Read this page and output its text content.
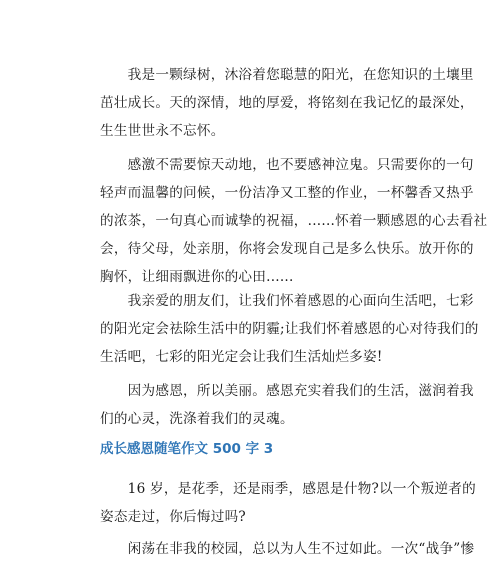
　　我是一颗绿树，沐浴着您聪慧的阳光，在您知识的土壤里
茁壮成长。天的深情，地的厚爱，将铭刻在我记忆的最深处，
生生世世永不忘怀。

　　感激不需要惊天动地，也不要感神泣鬼。只需要你的一句
轻声而温馨的问候，一份洁净又工整的作业，一杯馨香又热乎
的浓茶，一句真心而诚挚的祝福，......怀着一颗感恩的心去看社
会，待父母，处亲朋，你将会发现自己是多么快乐。放开你的
胸怀，让细雨飘进你的心田......

　　我亲爱的朋友们，让我们怀着感恩的心面向生活吧，七彩
的阳光定会祛除生活中的阴霾;让我们怀着感恩的心对待我们的
生活吧，七彩的阳光定会让我们生活灿烂多姿!

　　因为感恩，所以美丽。感恩充实着我们的生活，滋润着我
们的心灵，洗涤着我们的灵魂。

成长感恩随笔作文 500 字 3

　　16 岁，是花季，还是雨季，感恩是什物?以一个叛逆者的
姿态走过，你后悔过吗?

　　闲荡在非我的校园，总以为人生不过如此。一次“战争”惨
